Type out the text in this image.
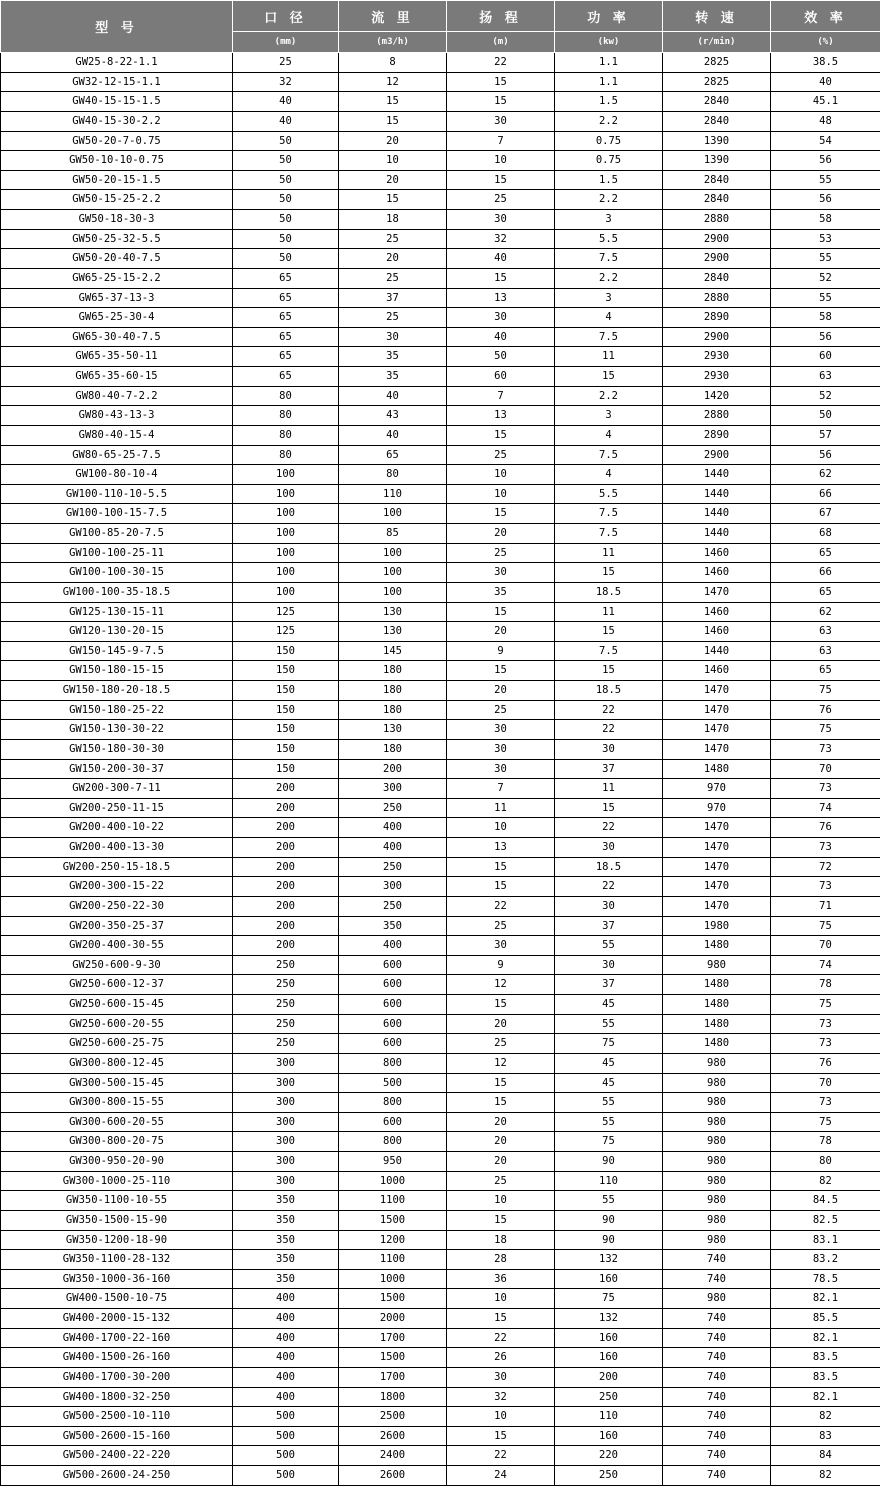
型 号	口 径	流 里	扬 程	功 率	转 速	效 率
	(mm)	(m3/h)	(m)	(kw)	(r/min)	(%)
GW25-8-22-1.1	25	8	22	1.1	2825	38.5
GW32-12-15-1.1	32	12	15	1.1	2825	40
GW40-15-15-1.5	40	15	15	1.5	2840	45.1
GW40-15-30-2.2	40	15	30	2.2	2840	48
GW50-20-7-0.75	50	20	7	0.75	1390	54
GW50-10-10-0.75	50	10	10	0.75	1390	56
GW50-20-15-1.5	50	20	15	1.5	2840	55
GW50-15-25-2.2	50	15	25	2.2	2840	56
GW50-18-30-3	50	18	30	3	2880	58
GW50-25-32-5.5	50	25	32	5.5	2900	53
GW50-20-40-7.5	50	20	40	7.5	2900	55
GW65-25-15-2.2	65	25	15	2.2	2840	52
GW65-37-13-3	65	37	13	3	2880	55
GW65-25-30-4	65	25	30	4	2890	58
GW65-30-40-7.5	65	30	40	7.5	2900	56
GW65-35-50-11	65	35	50	11	2930	60
GW65-35-60-15	65	35	60	15	2930	63
GW80-40-7-2.2	80	40	7	2.2	1420	52
GW80-43-13-3	80	43	13	3	2880	50
GW80-40-15-4	80	40	15	4	2890	57
GW80-65-25-7.5	80	65	25	7.5	2900	56
GW100-80-10-4	100	80	10	4	1440	62
GW100-110-10-5.5	100	110	10	5.5	1440	66
GW100-100-15-7.5	100	100	15	7.5	1440	67
GW100-85-20-7.5	100	85	20	7.5	1440	68
GW100-100-25-11	100	100	25	11	1460	65
GW100-100-30-15	100	100	30	15	1460	66
GW100-100-35-18.5	100	100	35	18.5	1470	65
GW125-130-15-11	125	130	15	11	1460	62
GW120-130-20-15	125	130	20	15	1460	63
GW150-145-9-7.5	150	145	9	7.5	1440	63
GW150-180-15-15	150	180	15	15	1460	65
GW150-180-20-18.5	150	180	20	18.5	1470	75
GW150-180-25-22	150	180	25	22	1470	76
GW150-130-30-22	150	130	30	22	1470	75
GW150-180-30-30	150	180	30	30	1470	73
GW150-200-30-37	150	200	30	37	1480	70
GW200-300-7-11	200	300	7	11	970	73
GW200-250-11-15	200	250	11	15	970	74
GW200-400-10-22	200	400	10	22	1470	76
GW200-400-13-30	200	400	13	30	1470	73
GW200-250-15-18.5	200	250	15	18.5	1470	72
GW200-300-15-22	200	300	15	22	1470	73
GW200-250-22-30	200	250	22	30	1470	71
GW200-350-25-37	200	350	25	37	1980	75
GW200-400-30-55	200	400	30	55	1480	70
GW250-600-9-30	250	600	9	30	980	74
GW250-600-12-37	250	600	12	37	1480	78
GW250-600-15-45	250	600	15	45	1480	75
GW250-600-20-55	250	600	20	55	1480	73
GW250-600-25-75	250	600	25	75	1480	73
GW300-800-12-45	300	800	12	45	980	76
GW300-500-15-45	300	500	15	45	980	70
GW300-800-15-55	300	800	15	55	980	73
GW300-600-20-55	300	600	20	55	980	75
GW300-800-20-75	300	800	20	75	980	78
GW300-950-20-90	300	950	20	90	980	80
GW300-1000-25-110	300	1000	25	110	980	82
GW350-1100-10-55	350	1100	10	55	980	84.5
GW350-1500-15-90	350	1500	15	90	980	82.5
GW350-1200-18-90	350	1200	18	90	980	83.1
GW350-1100-28-132	350	1100	28	132	740	83.2
GW350-1000-36-160	350	1000	36	160	740	78.5
GW400-1500-10-75	400	1500	10	75	980	82.1
GW400-2000-15-132	400	2000	15	132	740	85.5
GW400-1700-22-160	400	1700	22	160	740	82.1
GW400-1500-26-160	400	1500	26	160	740	83.5
GW400-1700-30-200	400	1700	30	200	740	83.5
GW400-1800-32-250	400	1800	32	250	740	82.1
GW500-2500-10-110	500	2500	10	110	740	82
GW500-2600-15-160	500	2600	15	160	740	83
GW500-2400-22-220	500	2400	22	220	740	84
GW500-2600-24-250	500	2600	24	250	740	82
